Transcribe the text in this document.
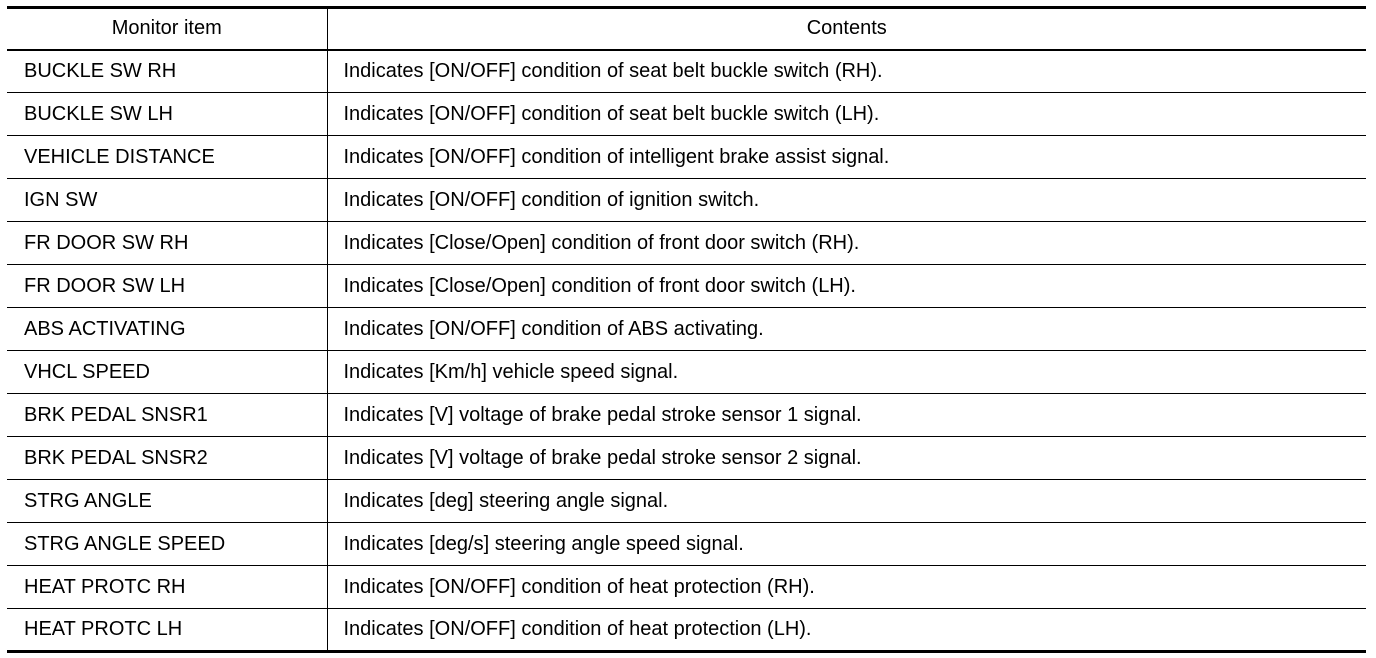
Monitor item	Contents
BUCKLE SW RH	Indicates [ON/OFF] condition of seat belt buckle switch (RH).
BUCKLE SW LH	Indicates [ON/OFF] condition of seat belt buckle switch (LH).
VEHICLE DISTANCE	Indicates [ON/OFF] condition of intelligent brake assist signal.
IGN SW	Indicates [ON/OFF] condition of ignition switch.
FR DOOR SW RH	Indicates [Close/Open] condition of front door switch (RH).
FR DOOR SW LH	Indicates [Close/Open] condition of front door switch (LH).
ABS ACTIVATING	Indicates [ON/OFF] condition of ABS activating.
VHCL SPEED	Indicates [Km/h] vehicle speed signal.
BRK PEDAL SNSR1	Indicates [V] voltage of brake pedal stroke sensor 1 signal.
BRK PEDAL SNSR2	Indicates [V] voltage of brake pedal stroke sensor 2 signal.
STRG ANGLE	Indicates [deg] steering angle signal.
STRG ANGLE SPEED	Indicates [deg/s] steering angle speed signal.
HEAT PROTC RH	Indicates [ON/OFF] condition of heat protection (RH).
HEAT PROTC LH	Indicates [ON/OFF] condition of heat protection (LH).
